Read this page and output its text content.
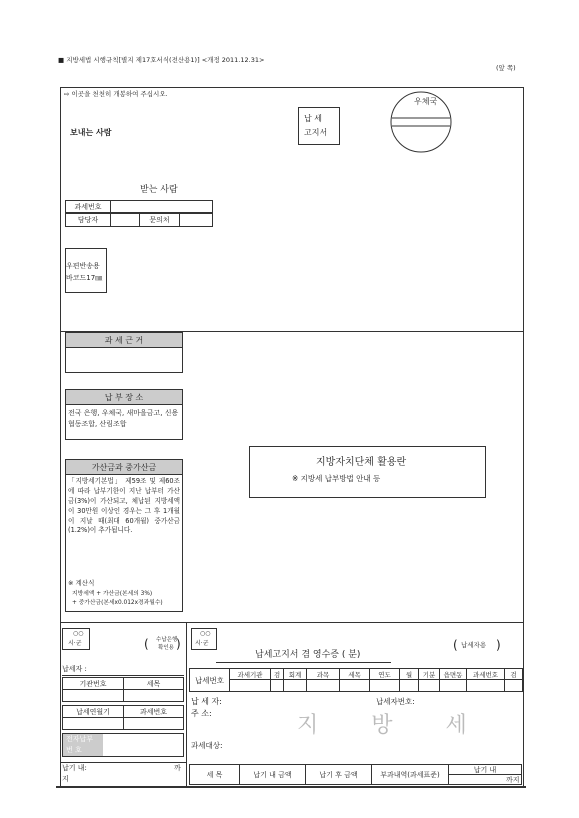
■ 지방세법 시행규칙[별지 제17호서식(전산용1)] <개정 2011.12.31>
(앞 쪽)
⇨ 이곳을 천천히 개봉하여 주십시오.
보내는 사람
납 세
고지서
우체국
받는 사람
과세번호
담당자	문의처
우편반송용
바코드17㎜
과 세 근 거
납 부 장 소
전국 은행, 우체국, 새마을금고, 신용협동조합, 산림조합
가산금과 중가산금
「지방세기본법」 제59조 및 제60조에 따라 납부기한이 지난 납부터 가산금(3%)이 가산되고, 체납된 지방세액이 30만원 이상인 경우는 그 후 1개월이 지날 때(최대 60개월) 중가산금(1.2%)이 추가됩니다.
※ 계산식
지방세액 + 가산금(본세의 3%)
+ 중가산금(본세x0.012x경과월수)
지방자치단체 활용란
※ 지방세 납부방법 안내 등
○○
시·군	( 수납은행
확인용 )
납세자 :
기관번호	세목
납세연월기	과세번호
전자납부
번 호
납기 내:	까
지
○○
시·군
납세고지서 겸 영수증 ( 분)
( 납세자용 )
납세번호
과세기관	검	회계	과목	세목	연도	월	기분	읍면동	과세번호	검
납 세 자:
주 소:
납세자번호:
지   방   세
과세대상:
세 목	납기 내 금액	납기 후 금액	부과내역(과세표준)
납기 내
까지
